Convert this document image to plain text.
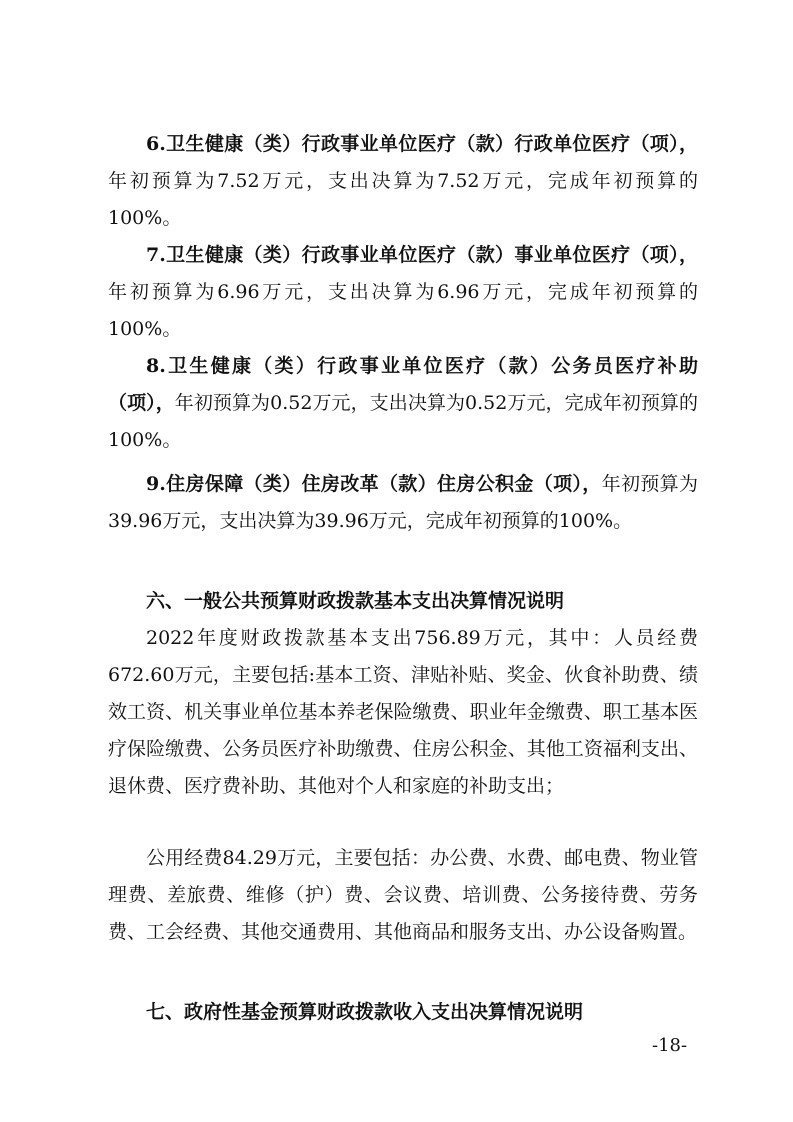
6.卫生健康（类）行政事业单位医疗（款）行政单位医疗（项），年初预算为7.52万元，支出决算为7.52万元，完成年初预算的100%。

7.卫生健康（类）行政事业单位医疗（款）事业单位医疗（项），年初预算为6.96万元，支出决算为6.96万元，完成年初预算的100%。

8.卫生健康（类）行政事业单位医疗（款）公务员医疗补助（项），年初预算为0.52万元，支出决算为0.52万元，完成年初预算的100%。

9.住房保障（类）住房改革（款）住房公积金（项），年初预算为39.96万元，支出决算为39.96万元，完成年初预算的100%。

六、一般公共预算财政拨款基本支出决算情况说明

2022年度财政拨款基本支出756.89万元，其中：人员经费672.60万元，主要包括:基本工资、津贴补贴、奖金、伙食补助费、绩效工资、机关事业单位基本养老保险缴费、职业年金缴费、职工基本医疗保险缴费、公务员医疗补助缴费、住房公积金、其他工资福利支出、退休费、医疗费补助、其他对个人和家庭的补助支出；

公用经费84.29万元，主要包括：办公费、水费、邮电费、物业管理费、差旅费、维修（护）费、会议费、培训费、公务接待费、劳务费、工会经费、其他交通费用、其他商品和服务支出、办公设备购置。

七、政府性基金预算财政拨款收入支出决算情况说明

-18-
